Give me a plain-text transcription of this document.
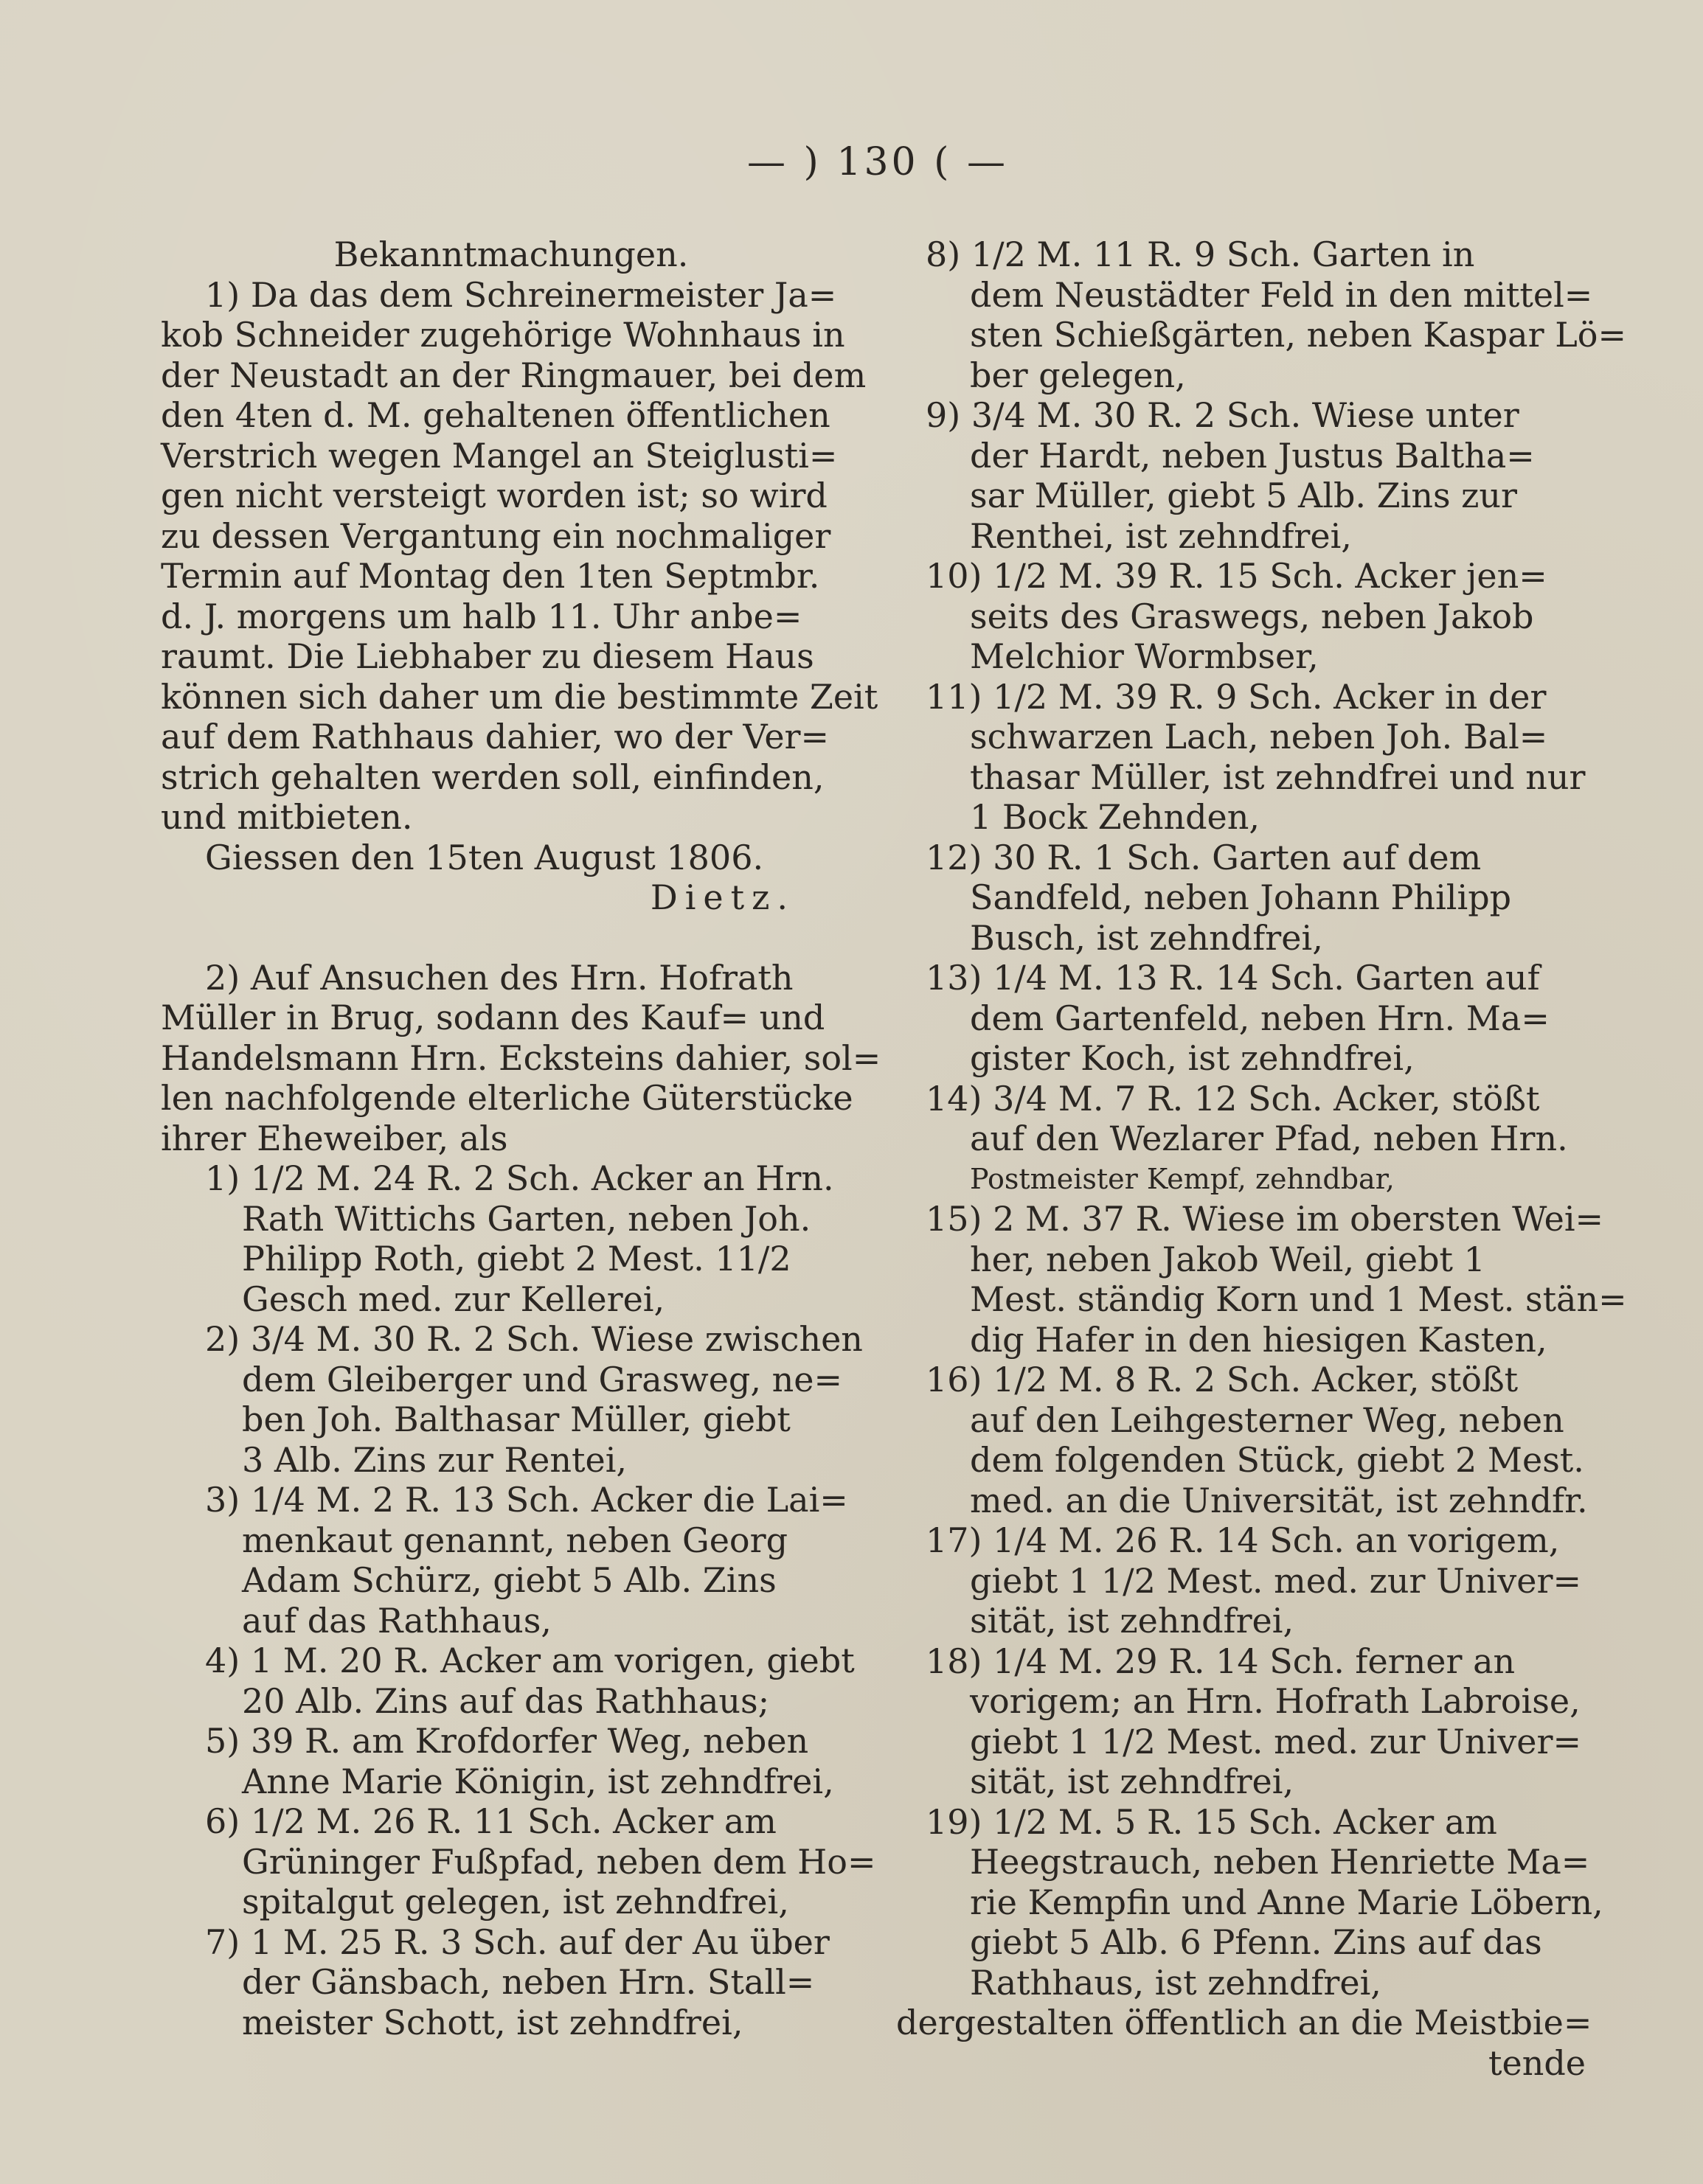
— ) 130 ( —
Bekanntmachungen.
1) Da das dem Schreinermeister Ja=
kob Schneider zugehörige Wohnhaus in
der Neustadt an der Ringmauer, bei dem
den 4ten d. M. gehaltenen öffentlichen
Verstrich wegen Mangel an Steiglusti=
gen nicht versteigt worden ist; so wird
zu dessen Vergantung ein nochmaliger
Termin auf Montag den 1ten Septmbr.
d. J. morgens um halb 11. Uhr anbe=
raumt. Die Liebhaber zu diesem Haus
können sich daher um die bestimmte Zeit
auf dem Rathhaus dahier, wo der Ver=
strich gehalten werden soll, einfinden,
und mitbieten.
Giessen den 15ten August 1806.
Dietz.
2) Auf Ansuchen des Hrn. Hofrath
Müller in Brug, sodann des Kauf= und
Handelsmann Hrn. Ecksteins dahier, sol=
len nachfolgende elterliche Güterstücke
ihrer Eheweiber, als
1) 1/2 M. 24 R. 2 Sch. Acker an Hrn.
Rath Wittichs Garten, neben Joh.
Philipp Roth, giebt 2 Mest. 11/2
Gesch med. zur Kellerei,
2) 3/4 M. 30 R. 2 Sch. Wiese zwischen
dem Gleiberger und Grasweg, ne=
ben Joh. Balthasar Müller, giebt
3 Alb. Zins zur Rentei,
3) 1/4 M. 2 R. 13 Sch. Acker die Lai=
menkaut genannt, neben Georg
Adam Schürz, giebt 5 Alb. Zins
auf das Rathhaus,
4) 1 M. 20 R. Acker am vorigen, giebt
20 Alb. Zins auf das Rathhaus;
5) 39 R. am Krofdorfer Weg, neben
Anne Marie Königin, ist zehndfrei,
6) 1/2 M. 26 R. 11 Sch. Acker am
Grüninger Fußpfad, neben dem Ho=
spitalgut gelegen, ist zehndfrei,
7) 1 M. 25 R. 3 Sch. auf der Au über
der Gänsbach, neben Hrn. Stall=
meister Schott, ist zehndfrei,
8) 1/2 M. 11 R. 9 Sch. Garten in
dem Neustädter Feld in den mittel=
sten Schießgärten, neben Kaspar Lö=
ber gelegen,
9) 3/4 M. 30 R. 2 Sch. Wiese unter
der Hardt, neben Justus Baltha=
sar Müller, giebt 5 Alb. Zins zur
Renthei, ist zehndfrei,
10) 1/2 M. 39 R. 15 Sch. Acker jen=
seits des Graswegs, neben Jakob
Melchior Wormbser,
11) 1/2 M. 39 R. 9 Sch. Acker in der
schwarzen Lach, neben Joh. Bal=
thasar Müller, ist zehndfrei und nur
1 Bock Zehnden,
12) 30 R. 1 Sch. Garten auf dem
Sandfeld, neben Johann Philipp
Busch, ist zehndfrei,
13) 1/4 M. 13 R. 14 Sch. Garten auf
dem Gartenfeld, neben Hrn. Ma=
gister Koch, ist zehndfrei,
14) 3/4 M. 7 R. 12 Sch. Acker, stößt
auf den Wezlarer Pfad, neben Hrn.
Postmeister Kempf, zehndbar,
15) 2 M. 37 R. Wiese im obersten Wei=
her, neben Jakob Weil, giebt 1
Mest. ständig Korn und 1 Mest. stän=
dig Hafer in den hiesigen Kasten,
16) 1/2 M. 8 R. 2 Sch. Acker, stößt
auf den Leihgesterner Weg, neben
dem folgenden Stück, giebt 2 Mest.
med. an die Universität, ist zehndfr.
17) 1/4 M. 26 R. 14 Sch. an vorigem,
giebt 1 1/2 Mest. med. zur Univer=
sität, ist zehndfrei,
18) 1/4 M. 29 R. 14 Sch. ferner an
vorigem; an Hrn. Hofrath Labroise,
giebt 1 1/2 Mest. med. zur Univer=
sität, ist zehndfrei,
19) 1/2 M. 5 R. 15 Sch. Acker am
Heegstrauch, neben Henriette Ma=
rie Kempfin und Anne Marie Löbern,
giebt 5 Alb. 6 Pfenn. Zins auf das
Rathhaus, ist zehndfrei,
dergestalten öffentlich an die Meistbie=
tende
